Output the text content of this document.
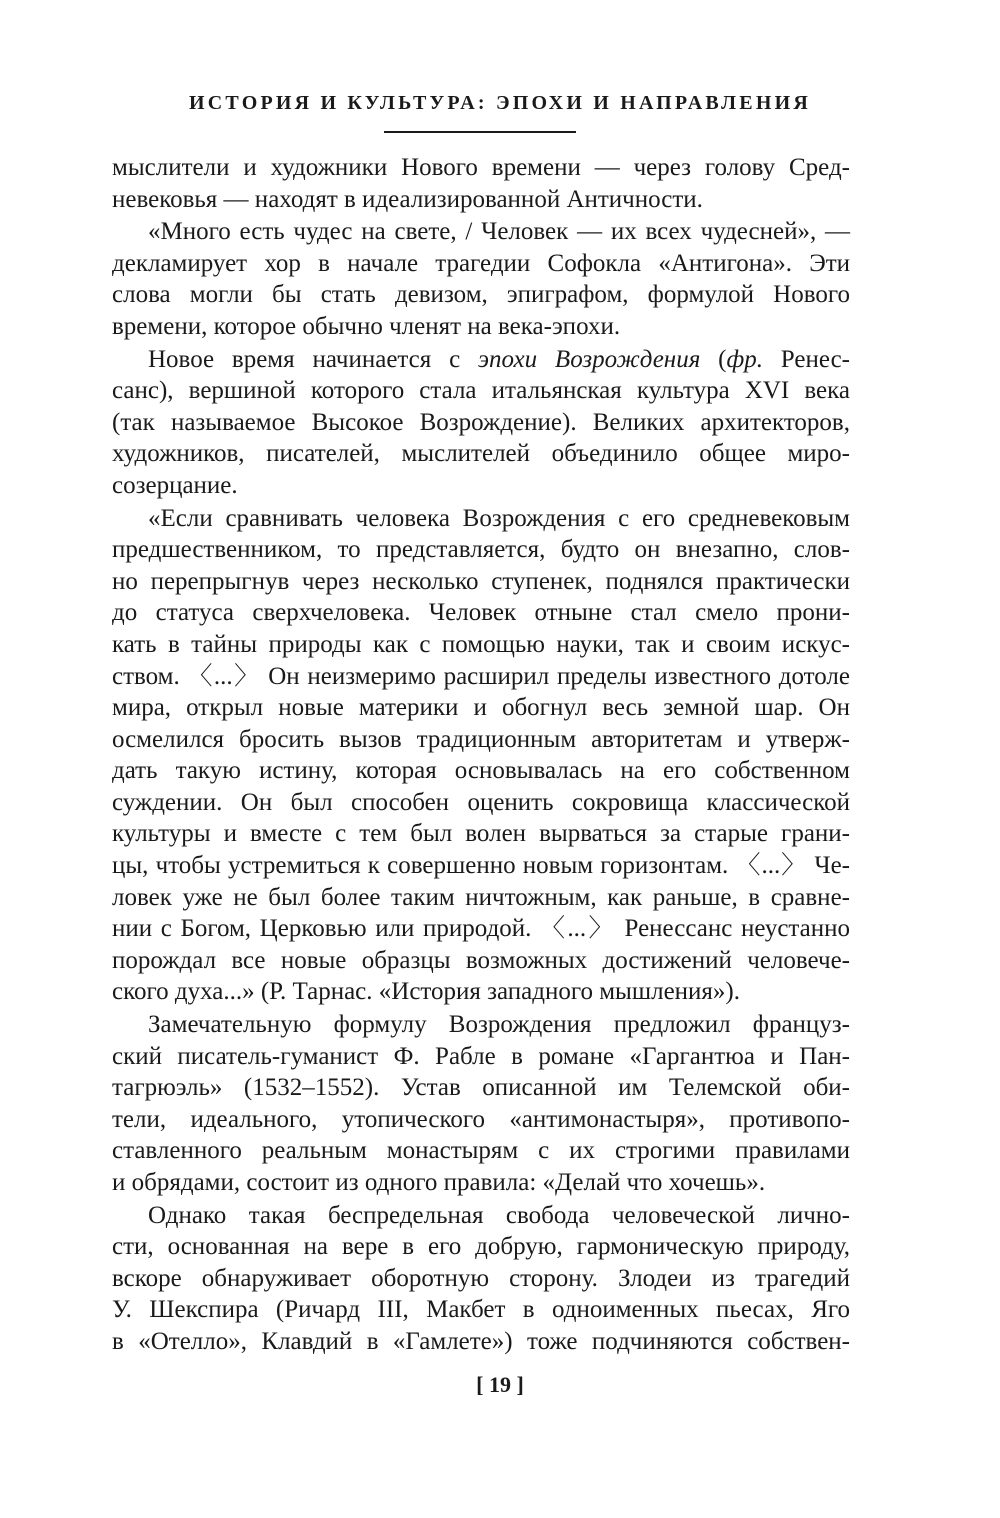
ИСТОРИЯ И КУЛЬТУРА: ЭПОХИ И НАПРАВЛЕНИЯ
мыслители и художники Нового времени — через голову Сред-
невековья — находят в идеализированной Античности.
«Много есть чудес на свете, / Человек — их всех чудесней», —
декламирует хор в начале трагедии Софокла «Антигона». Эти
слова могли бы стать девизом, эпиграфом, формулой Нового
времени, которое обычно членят на века-эпохи.
Новое время начинается с эпохи Возрождения (фр. Ренес-
санс), вершиной которого стала итальянская культура XVI века
(так называемое Высокое Возрождение). Великих архитекторов,
художников, писателей, мыслителей объединило общее миро-
созерцание.
«Если сравнивать человека Возрождения с его средневековым
предшественником, то представляется, будто он внезапно, слов-
но перепрыгнув через несколько ступенек, поднялся практически
до статуса сверхчеловека. Человек отныне стал смело прони-
кать в тайны природы как с помощью науки, так и своим искус-
ством. 〈...〉 Он неизмеримо расширил пределы известного дотоле
мира, открыл новые материки и обогнул весь земной шар. Он
осмелился бросить вызов традиционным авторитетам и утверж-
дать такую истину, которая основывалась на его собственном
суждении. Он был способен оценить сокровища классической
культуры и вместе с тем был волен вырваться за старые грани-
цы, чтобы устремиться к совершенно новым горизонтам. 〈...〉 Че-
ловек уже не был более таким ничтожным, как раньше, в сравне-
нии с Богом, Церковью или природой. 〈...〉 Ренессанс неустанно
порождал все новые образцы возможных достижений человече-
ского духа...» (Р. Тарнас. «История западного мышления»).
Замечательную формулу Возрождения предложил француз-
ский писатель-гуманист Ф. Рабле в романе «Гаргантюа и Пан-
тагрюэль» (1532–1552). Устав описанной им Телемской оби-
тели, идеального, утопического «антимонастыря», противопо-
ставленного реальным монастырям с их строгими правилами
и обрядами, состоит из одного правила: «Делай что хочешь».
Однако такая беспредельная свобода человеческой лично-
сти, основанная на вере в его добрую, гармоническую природу,
вскоре обнаруживает оборотную сторону. Злодеи из трагедий
У. Шекспира (Ричард III, Макбет в одноименных пьесах, Яго
в «Отелло», Клавдий в «Гамлете») тоже подчиняются собствен-
[ 19 ]
